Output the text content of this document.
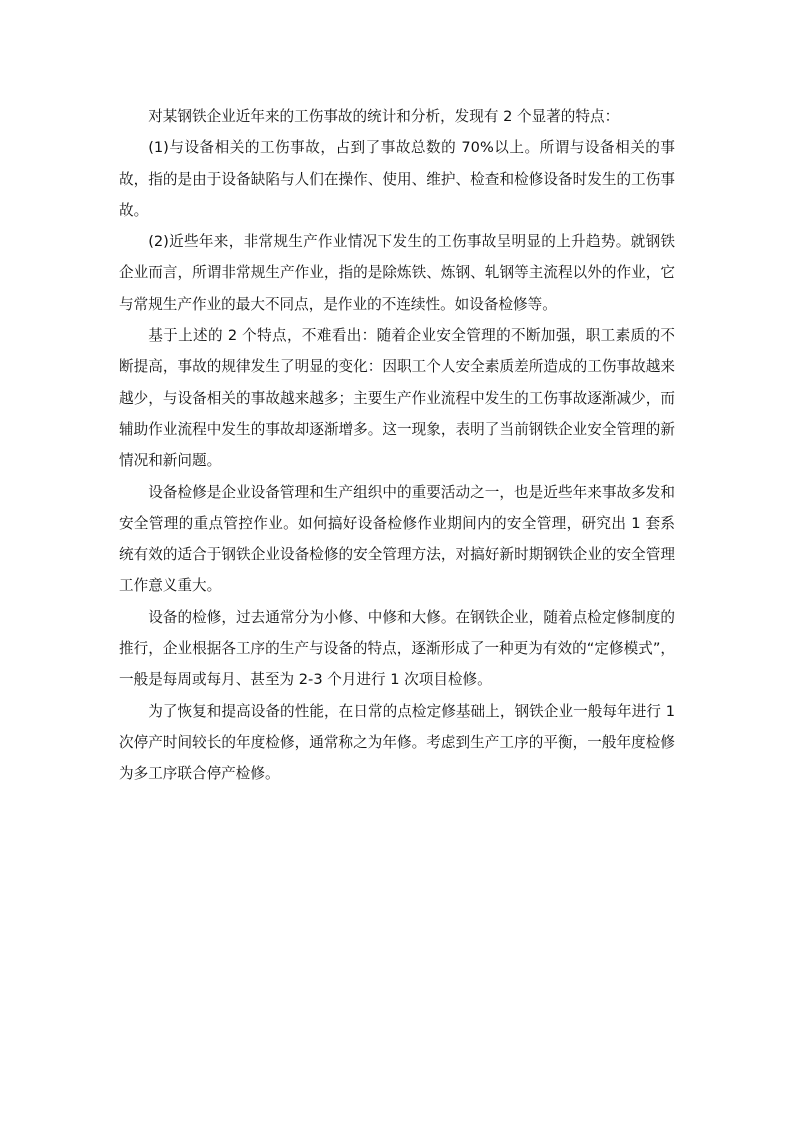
对某钢铁企业近年来的工伤事故的统计和分析，发现有 2 个显著的特点：

(1)与设备相关的工伤事故，占到了事故总数的 70%以上。所谓与设备相关的事故，指的是由于设备缺陷与人们在操作、使用、维护、检查和检修设备时发生的工伤事故。

(2)近些年来，非常规生产作业情况下发生的工伤事故呈明显的上升趋势。就钢铁企业而言，所谓非常规生产作业，指的是除炼铁、炼钢、轧钢等主流程以外的作业，它与常规生产作业的最大不同点，是作业的不连续性。如设备检修等。

基于上述的 2 个特点，不难看出：随着企业安全管理的不断加强，职工素质的不断提高，事故的规律发生了明显的变化：因职工个人安全素质差所造成的工伤事故越来越少，与设备相关的事故越来越多；主要生产作业流程中发生的工伤事故逐渐减少，而辅助作业流程中发生的事故却逐渐增多。这一现象，表明了当前钢铁企业安全管理的新情况和新问题。

设备检修是企业设备管理和生产组织中的重要活动之一，也是近些年来事故多发和安全管理的重点管控作业。如何搞好设备检修作业期间内的安全管理，研究出 1 套系统有效的适合于钢铁企业设备检修的安全管理方法，对搞好新时期钢铁企业的安全管理工作意义重大。

设备的检修，过去通常分为小修、中修和大修。在钢铁企业，随着点检定修制度的推行，企业根据各工序的生产与设备的特点，逐渐形成了一种更为有效的“定修模式”，一般是每周或每月、甚至为 2-3 个月进行 1 次项目检修。

为了恢复和提高设备的性能，在日常的点检定修基础上，钢铁企业一般每年进行 1 次停产时间较长的年度检修，通常称之为年修。考虑到生产工序的平衡，一般年度检修为多工序联合停产检修。
